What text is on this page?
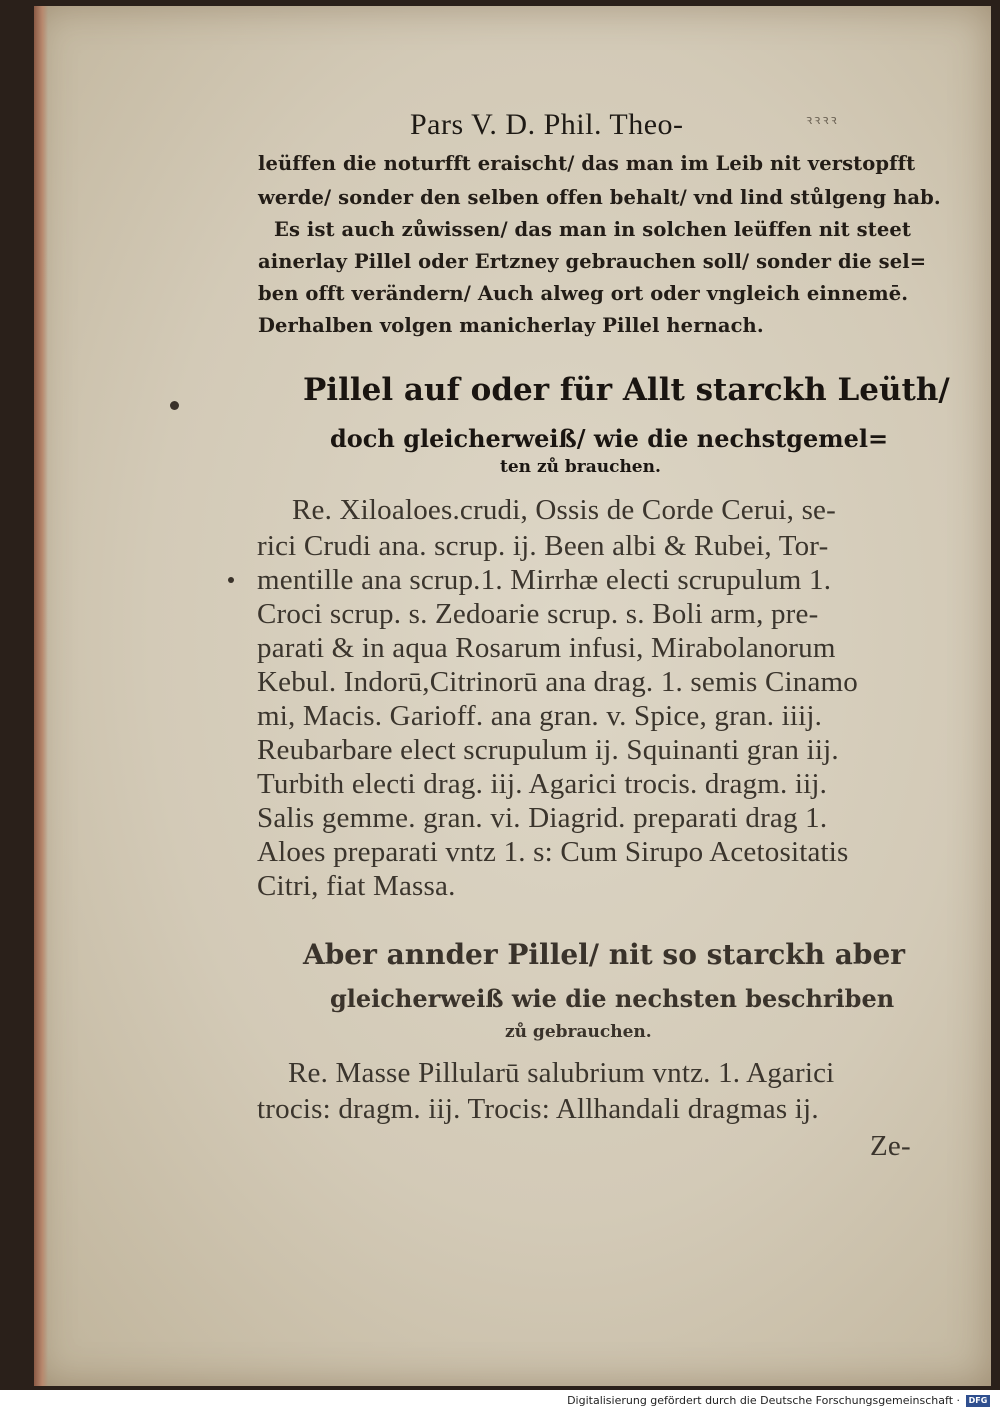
Pars V. D. Phil. Theo-	ꝛꝛꝛꝛ
leüffen die noturfft eraischt/ das man im Leib nit verstopfft
werde/ sonder den selben offen behalt/ vnd lind stůlgeng hab.
Es ist auch zůwissen/ das man in solchen leüffen nit steet
ainerlay Pillel oder Ertzney gebrauchen soll/ sonder die sel=
ben offt verändern/ Auch alweg ort oder vngleich einnemē.
Derhalben volgen manicherlay Pillel hernach.
Pillel auf oder für Allt starckh Leüth/
doch gleicherweiß/ wie die nechstgemel=
ten zů brauchen.
Re. Xiloaloes.crudi, Ossis de Corde Cerui, se-
rici Crudi ana. scrup. ij. Been albi & Rubei, Tor-
mentille ana scrup.1. Mirrhæ electi scrupulum 1.
Croci scrup. s. Zedoarie scrup. s. Boli arm, pre-
parati & in aqua Rosarum infusi, Mirabolanorum
Kebul. Indorū,Citrinorū ana drag. 1. semis Cinamo
mi, Macis. Garioff. ana gran. v. Spice, gran. iiij.
Reubarbare elect scrupulum ij. Squinanti gran iij.
Turbith electi drag. iij. Agarici trocis. dragm. iij.
Salis gemme. gran. vi. Diagrid. preparati drag 1.
Aloes preparati vntz 1. s: Cum Sirupo Acetositatis
Citri, fiat Massa.
Aber annder Pillel/ nit so starckh aber
gleicherweiß wie die nechsten beschriben
zů gebrauchen.
Re. Masse Pillularū salubrium vntz. 1. Agarici
trocis: dragm. iij. Trocis: Allhandali dragmas ij.
Ze-
Digitalisierung gefördert durch die Deutsche Forschungsgemeinschaft ·	DFG
